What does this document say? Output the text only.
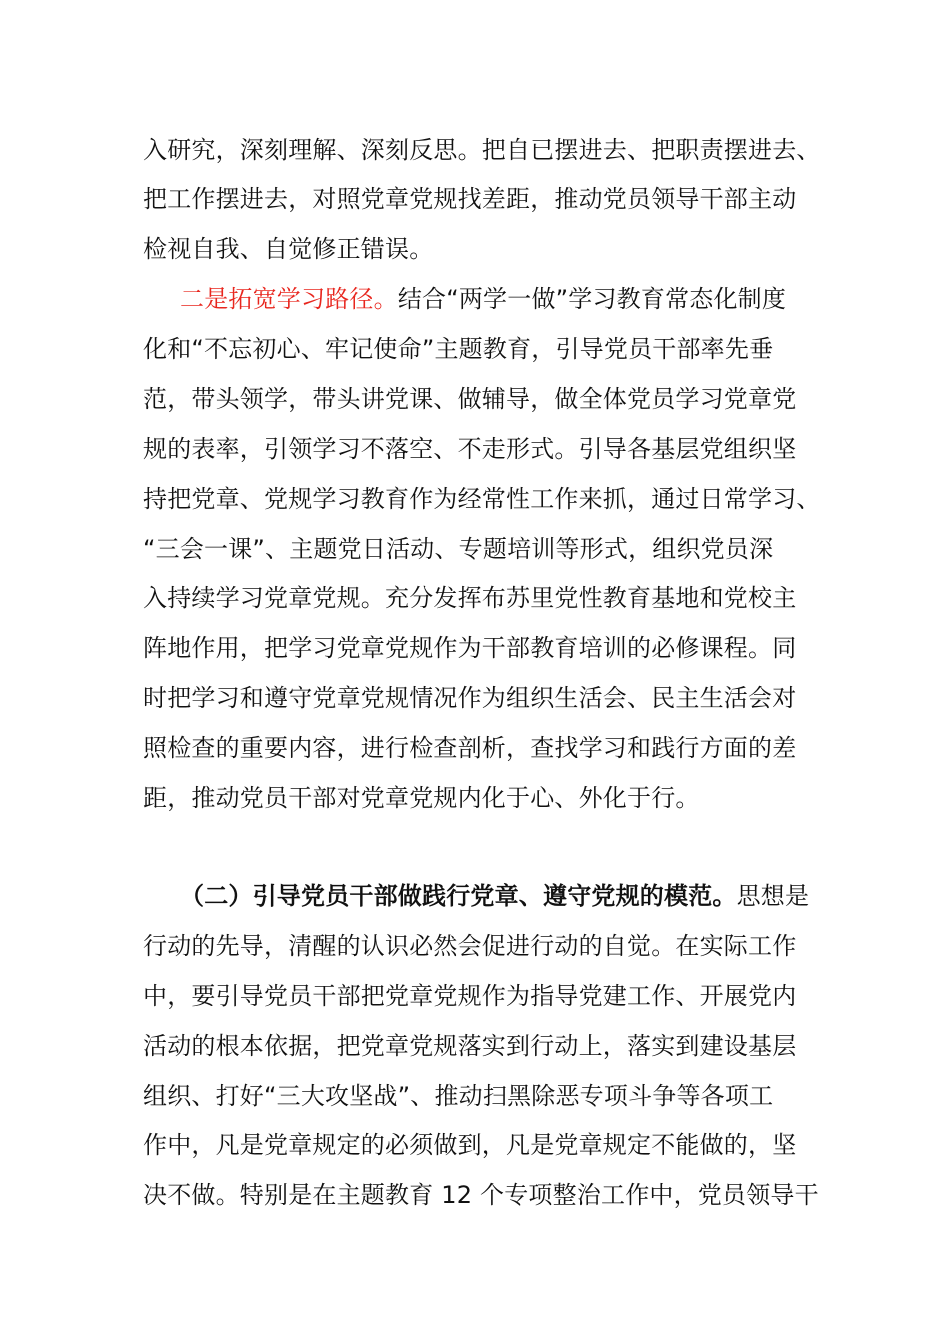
入研究，深刻理解、深刻反思。把自已摆进去、把职责摆进去、
把工作摆进去，对照党章党规找差距，推动党员领导干部主动
检视自我、自觉修正错误。
二是拓宽学习路径。结合“两学一做”学习教育常态化制度
化和“不忘初心、牢记使命”主题教育，引导党员干部率先垂
范，带头领学，带头讲党课、做辅导，做全体党员学习党章党
规的表率，引领学习不落空、不走形式。引导各基层党组织坚
持把党章、党规学习教育作为经常性工作来抓，通过日常学习、
“三会一课”、主题党日活动、专题培训等形式，组织党员深
入持续学习党章党规。充分发挥布苏里党性教育基地和党校主
阵地作用，把学习党章党规作为干部教育培训的必修课程。同
时把学习和遵守党章党规情况作为组织生活会、民主生活会对
照检查的重要内容，进行检查剖析，查找学习和践行方面的差
距，推动党员干部对党章党规内化于心、外化于行。
（二）引导党员干部做践行党章、遵守党规的模范。思想是
行动的先导，清醒的认识必然会促进行动的自觉。在实际工作
中，要引导党员干部把党章党规作为指导党建工作、开展党内
活动的根本依据，把党章党规落实到行动上，落实到建设基层
组织、打好“三大攻坚战”、推动扫黑除恶专项斗争等各项工
作中，凡是党章规定的必须做到，凡是党章规定不能做的，坚
决不做。特别是在主题教育 12 个专项整治工作中，党员领导干
